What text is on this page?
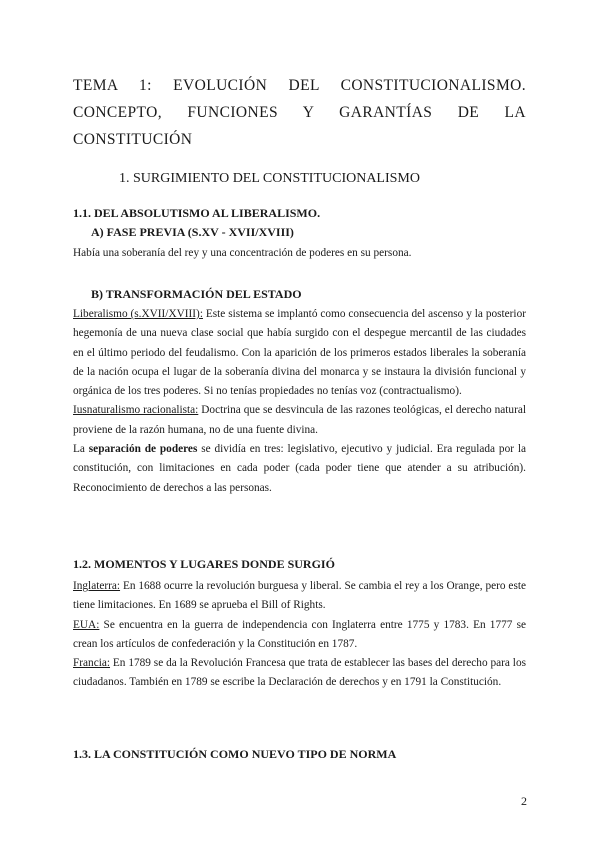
TEMA 1: EVOLUCIÓN DEL CONSTITUCIONALISMO.
CONCEPTO, FUNCIONES Y GARANTÍAS DE LA
CONSTITUCIÓN
1. SURGIMIENTO DEL CONSTITUCIONALISMO
1.1. DEL ABSOLUTISMO AL LIBERALISMO.
A) FASE PREVIA (S.XV - XVII/XVIII)

Había una soberanía del rey y una concentración de poderes en su persona.

B) TRANSFORMACIÓN DEL ESTADO

Liberalismo (s.XVII/XVIII): Este sistema se implantó como consecuencia del ascenso y la posterior hegemonía de una nueva clase social que había surgido con el despegue mercantil de las ciudades en el último periodo del feudalismo. Con la aparición de los primeros estados liberales la soberanía de la nación ocupa el lugar de la soberanía divina del monarca y se instaura la división funcional y orgánica de los tres poderes. Si no tenías propiedades no tenías voz (contractualismo).

Iusnaturalismo racionalista: Doctrina que se desvincula de las razones teológicas, el derecho natural proviene de la razón humana, no de una fuente divina.

La separación de poderes se dividía en tres: legislativo, ejecutivo y judicial. Era regulada por la constitución, con limitaciones en cada poder (cada poder tiene que atender a su atribución). Reconocimiento de derechos a las personas.

1.2. MOMENTOS Y LUGARES DONDE SURGIÓ

Inglaterra: En 1688 ocurre la revolución burguesa y liberal. Se cambia el rey a los Orange, pero este tiene limitaciones. En 1689 se aprueba el Bill of Rights.

EUA: Se encuentra en la guerra de independencia con Inglaterra entre 1775 y 1783. En 1777 se crean los artículos de confederación y la Constitución en 1787.

Francia: En 1789 se da la Revolución Francesa que trata de establecer las bases del derecho para los ciudadanos. También en 1789 se escribe la Declaración de derechos y en 1791 la Constitución.

1.3. LA CONSTITUCIÓN COMO NUEVO TIPO DE NORMA
2
